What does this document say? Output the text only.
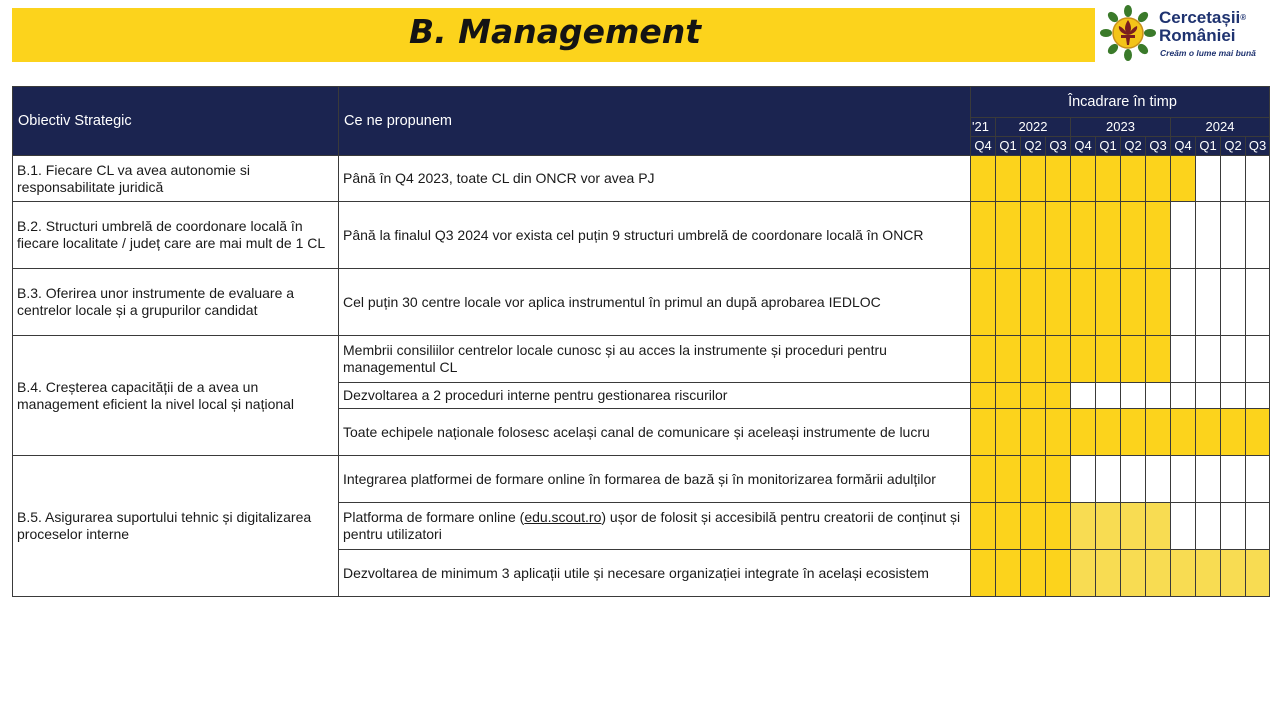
B. Management	Cercetașii®
României
Creăm o lume mai bună
Obiectiv Strategic	Ce ne propunem	Încadrare în timp											
		'21	2022			2023				2024			
		Q4	Q1	Q2	Q3	Q4	Q1	Q2	Q3	Q4	Q1	Q2	Q3
B.1. Fiecare CL va avea autonomie si responsabilitate juridică	Până în Q4 2023, toate CL din ONCR vor avea PJ												
B.2. Structuri umbrelă de coordonare locală în fiecare localitate / județ care are mai mult de 1 CL	Până la finalul Q3 2024 vor exista cel puțin 9 structuri umbrelă de coordonare locală în ONCR												
B.3. Oferirea unor instrumente de evaluare a centrelor locale și a grupurilor candidat	Cel puțin 30 centre locale vor aplica instrumentul în primul an după aprobarea IEDLOC												
B.4. Creșterea capacității de a avea un management eficient la nivel local și național	Membrii consiliilor centrelor locale cunosc și au acces la instrumente și proceduri pentru managementul CL												
	Dezvoltarea a 2 proceduri interne pentru gestionarea riscurilor												
	Toate echipele naționale folosesc același canal de comunicare și aceleași instrumente de lucru												
B.5. Asigurarea suportului tehnic și digitalizarea proceselor interne	Integrarea platformei de formare online în formarea de bază și în monitorizarea formării adulților												
	Platforma de formare online (edu.scout.ro) ușor de folosit și accesibilă pentru creatorii de conținut și pentru utilizatori												
	Dezvoltarea de minimum 3 aplicații utile și necesare organizației integrate în același ecosistem												
